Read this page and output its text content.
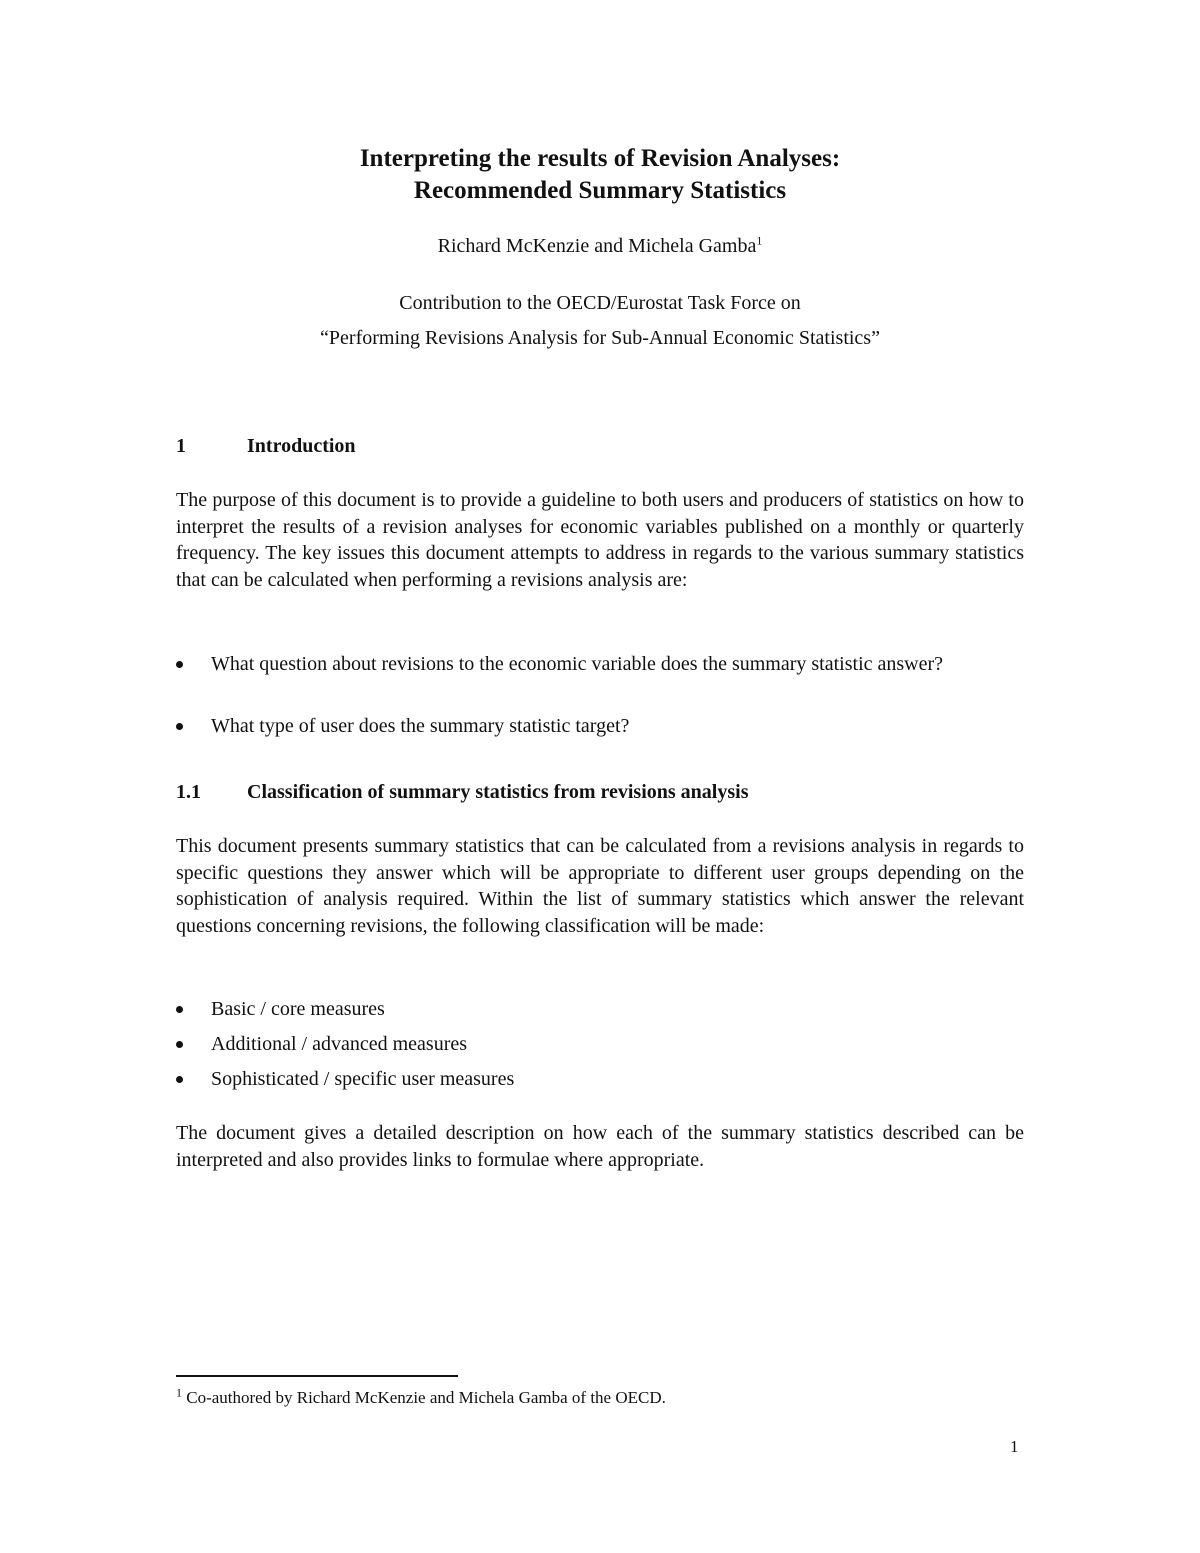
Interpreting the results of Revision Analyses:
Recommended Summary Statistics
Richard McKenzie and Michela Gamba$^1$
Contribution to the OECD/Eurostat Task Force on
“Performing Revisions Analysis for Sub-Annual Economic Statistics”
1	Introduction

The purpose of this document is to provide a guideline to both users and producers of statistics on how to interpret the results of a revision analyses for economic variables published on a monthly or quarterly frequency. The key issues this document attempts to address in regards to the various summary statistics that can be calculated when performing a revisions analysis are:

What question about revisions to the economic variable does the summary statistic answer?
What type of user does the summary statistic target?
1.1 Classification of summary statistics from revisions analysis

This document presents summary statistics that can be calculated from a revisions analysis in regards to specific questions they answer which will be appropriate to different user groups depending on the sophistication of analysis required. Within the list of summary statistics which answer the relevant questions concerning revisions, the following classification will be made:

Basic / core measures
Additional / advanced measures
Sophisticated / specific user measures

The document gives a detailed description on how each of the summary statistics described can be interpreted and also provides links to formulae where appropriate.

$^1$ Co-authored by Richard McKenzie and Michela Gamba of the OECD.
1
